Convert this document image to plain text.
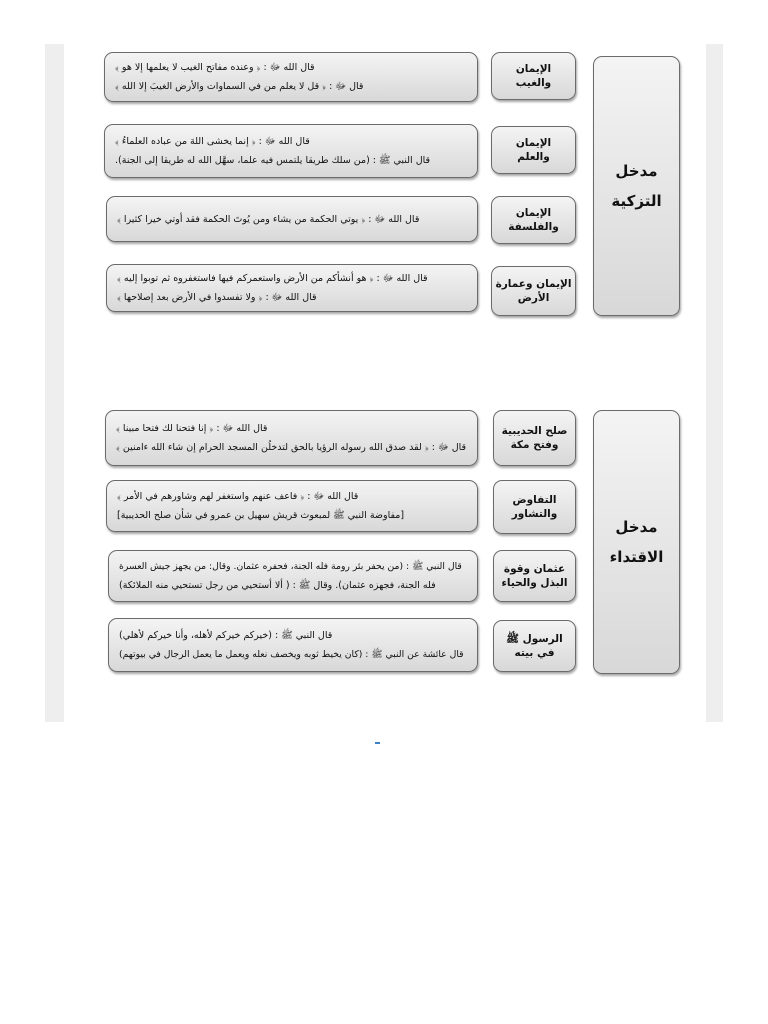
مدخل
التزكية
الإيمان
والغيب
قال الله ﷻ : ﴿ وعنده مفاتح الغيب لا يعلمها إلا هو ﴾
قال ﷻ : ﴿ قل لا يعلم من في السماوات والأرض الغيبَ إلا الله ﴾
الإيمان
والعلم
قال الله ﷻ : ﴿ إنما يخشى اللهَ من عباده العلماءُ ﴾
قال النبي ﷺ : (من سلك طريقا يلتمس فيه علما، سهَّل الله له طريقا إلى الجنة).
الإيمان
والفلسفة
قال الله ﷻ : ﴿ يوتي الحكمة من يشاء ومن يُوتَ الحكمة فقد أوتي خيرا كثيرا ﴾
الإيمان وعمارة
الأرض
قال الله ﷻ : ﴿ هو أنشأكم من الأرض واستعمركم فيها فاستغفروه ثم توبوا إليه ﴾
قال الله ﷻ : ﴿ ولا تفسدوا في الأرض بعد إصلاحها ﴾
مدخل
الاقتداء
صلح الحديبية
وفتح مكة
قال الله ﷻ : ﴿ إنا فتحنا لك فتحا مبينا ﴾
قال ﷻ : ﴿ لقد صدق الله رسوله الرؤيا بالحق لتدخلُن المسجد الحرام إن شاء الله ءامنين ﴾
التفاوض
والتشاور
قال الله ﷻ : ﴿ فاعف عنهم واستغفر لهم وشاورهم في الأمر ﴾
[مفاوضة النبي ﷺ لمبعوث قريش سهيل بن عمرو في شأن صلح الحديبية]
عثمان وقوة
البذل والحياء
قال النبي ﷺ : (من يحفر بئر رومة فله الجنة، فحفره عثمان. وقال: من يجهز جيش العسرة
فله الجنة، فجهزه عثمان). وقال ﷺ : ( ألا أستحيي من رجل تستحيي منه الملائكة)
الرسول ﷺ
في بيته
قال النبي ﷺ : (خيركم خيركم لأهله، وأنا خيركم لأهلي)
قال عائشة عن النبي ﷺ : (كان يخيط ثوبه ويخصف نعله ويعمل ما يعمل الرجال في بيوتهم)
